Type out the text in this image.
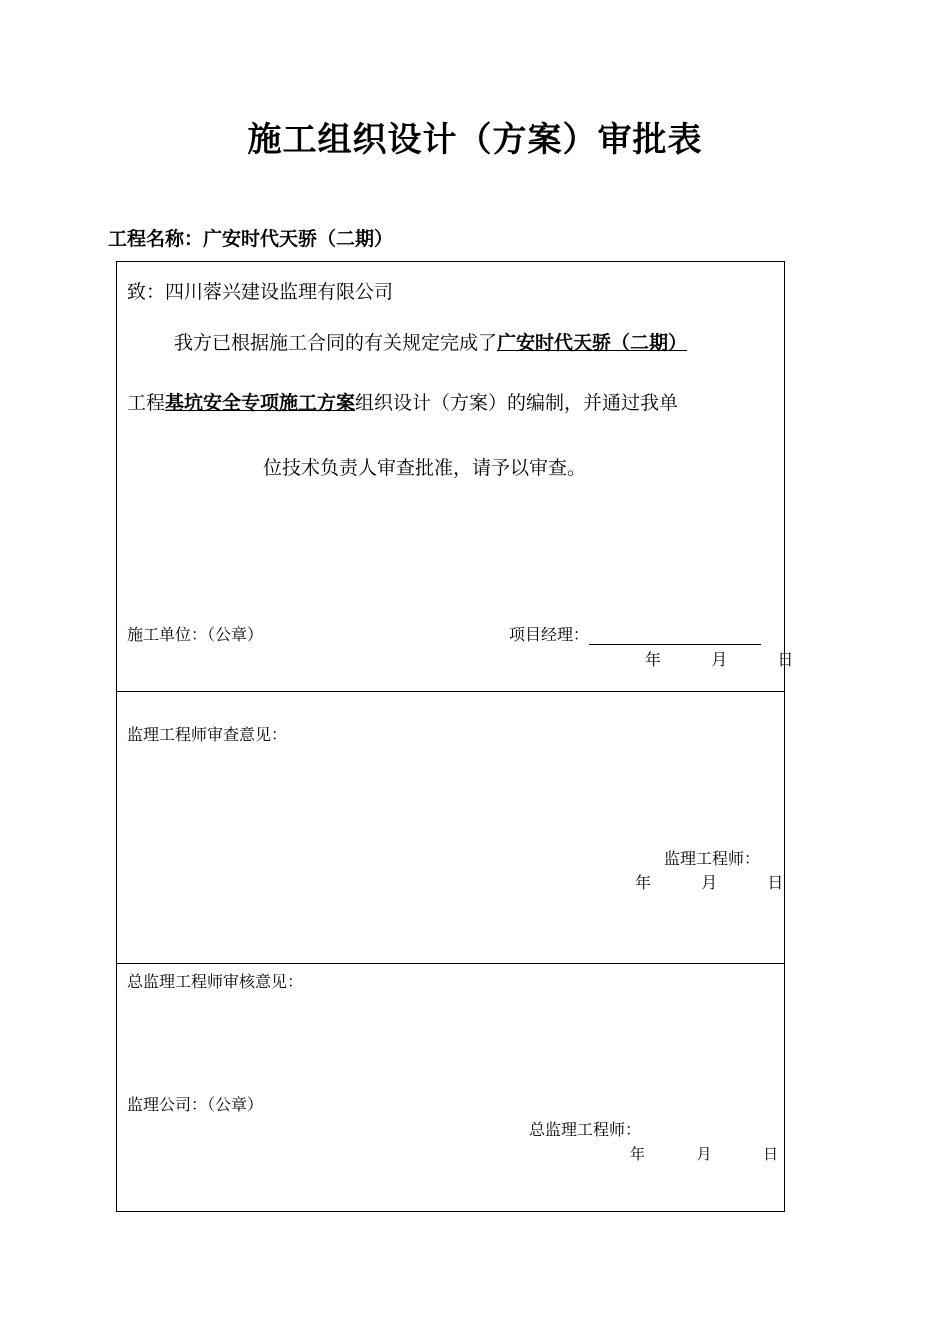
施工组织设计（方案）审批表
工程名称：广安时代天骄（二期）
致：四川蓉兴建设监理有限公司
我方已根据施工合同的有关规定完成了广安时代天骄（二期）
工程基坑安全专项施工方案组织设计（方案）的编制，并通过我单
位技术负责人审查批准，请予以审查。
施工单位：（公章）	项目经理：
年	月	日
监理工程师审查意见：
监理工程师：
年	月	日
总监理工程师审核意见：
监理公司：（公章）
总监理工程师：
年	月	日
